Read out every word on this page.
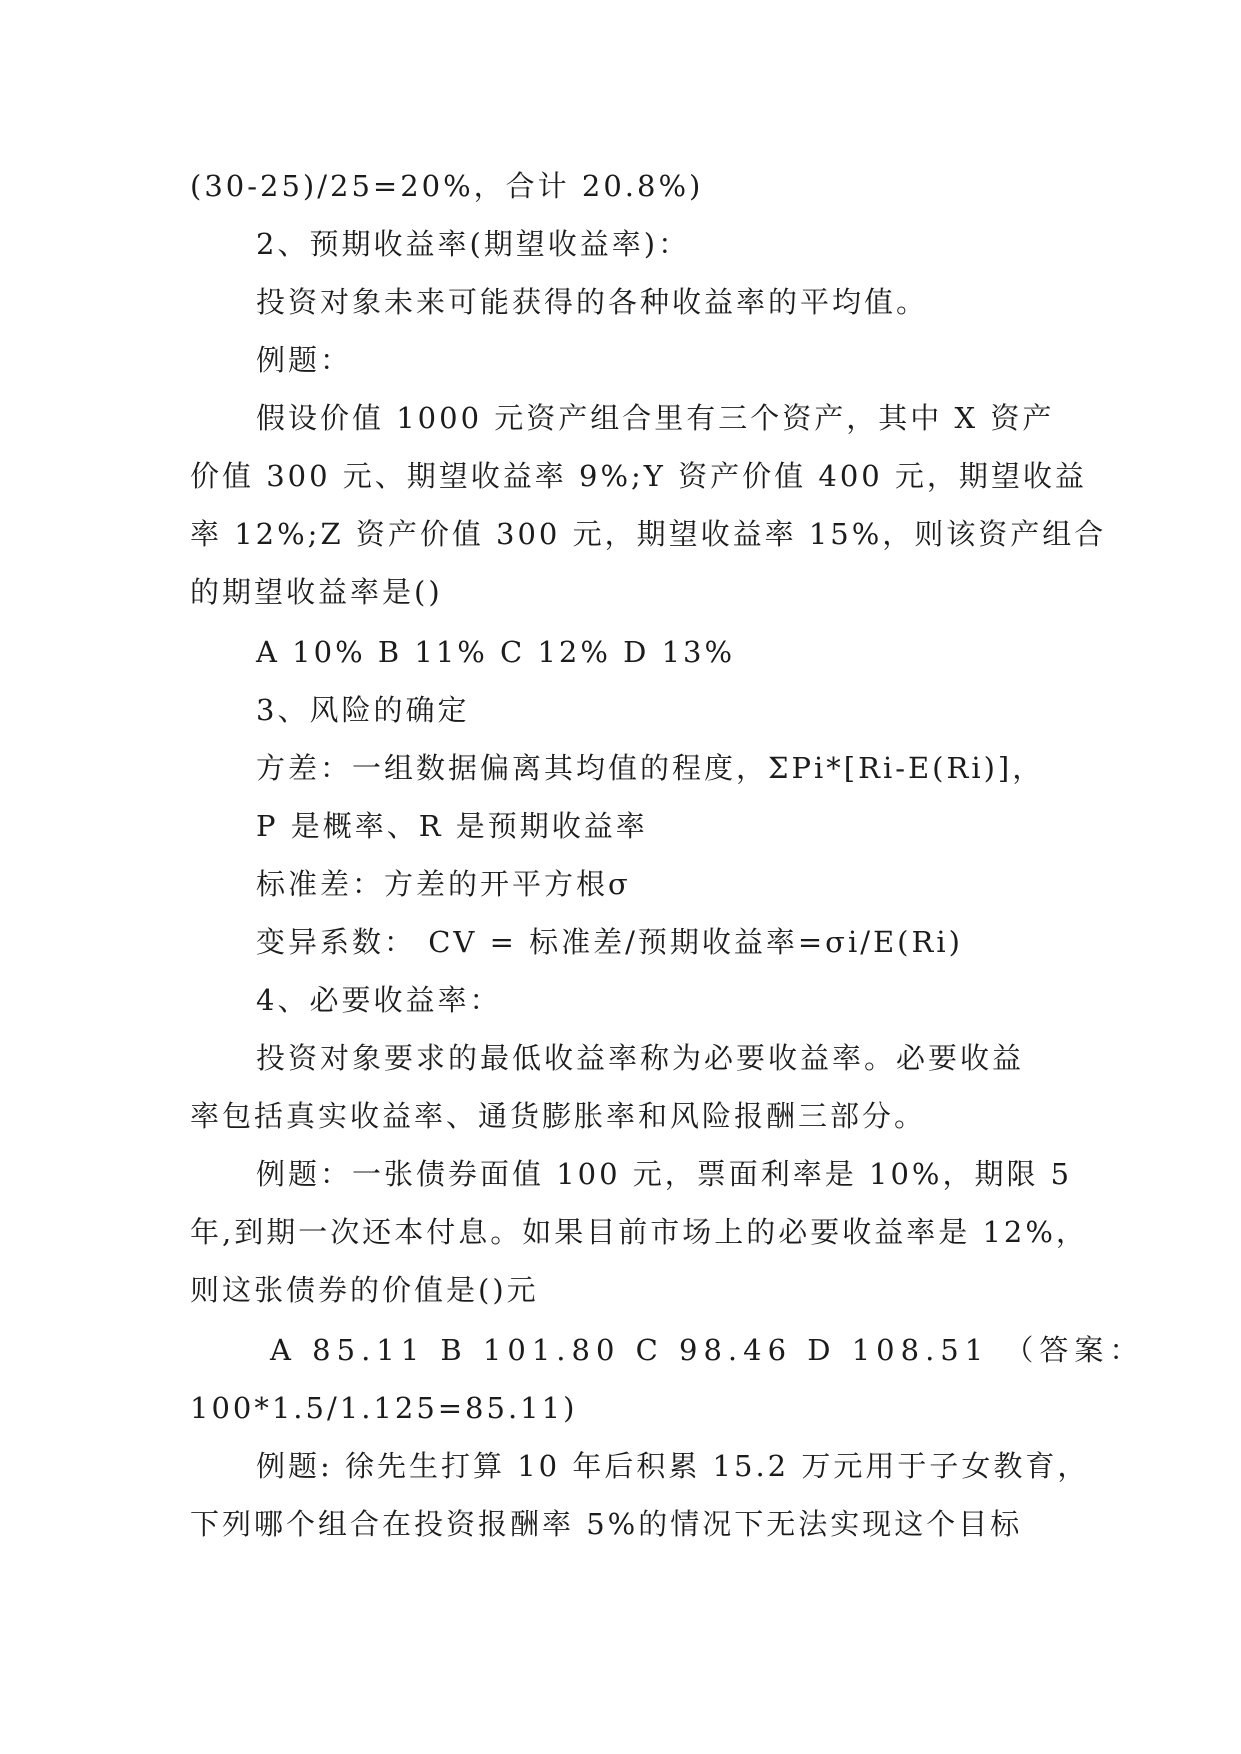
(30-25)/25=20%，合计 20.8%)
2、预期收益率(期望收益率)：
投资对象未来可能获得的各种收益率的平均值。
例题：
假设价值 1000 元资产组合里有三个资产，其中 X 资产
价值 300 元、期望收益率 9%;Y 资产价值 400 元，期望收益
率 12%;Z 资产价值 300 元，期望收益率 15%，则该资产组合
的期望收益率是()
A 10% B 11% C 12% D 13%
3、风险的确定
方差：一组数据偏离其均值的程度，ΣPi*[Ri-E(Ri)]，
P 是概率、R 是预期收益率
标准差：方差的开平方根σ
变异系数： CV = 标准差/预期收益率=σi/E(Ri)
4、必要收益率：
投资对象要求的最低收益率称为必要收益率。必要收益
率包括真实收益率、通货膨胀率和风险报酬三部分。
例题：一张债券面值 100 元，票面利率是 10%，期限 5
年,到期一次还本付息。如果目前市场上的必要收益率是 12%，
则这张债券的价值是()元
A 85.11 B 101.80 C 98.46 D 108.51 （答案：
100*1.5/1.125=85.11)
例题: 徐先生打算 10 年后积累 15.2 万元用于子女教育，
下列哪个组合在投资报酬率 5%的情况下无法实现这个目标
